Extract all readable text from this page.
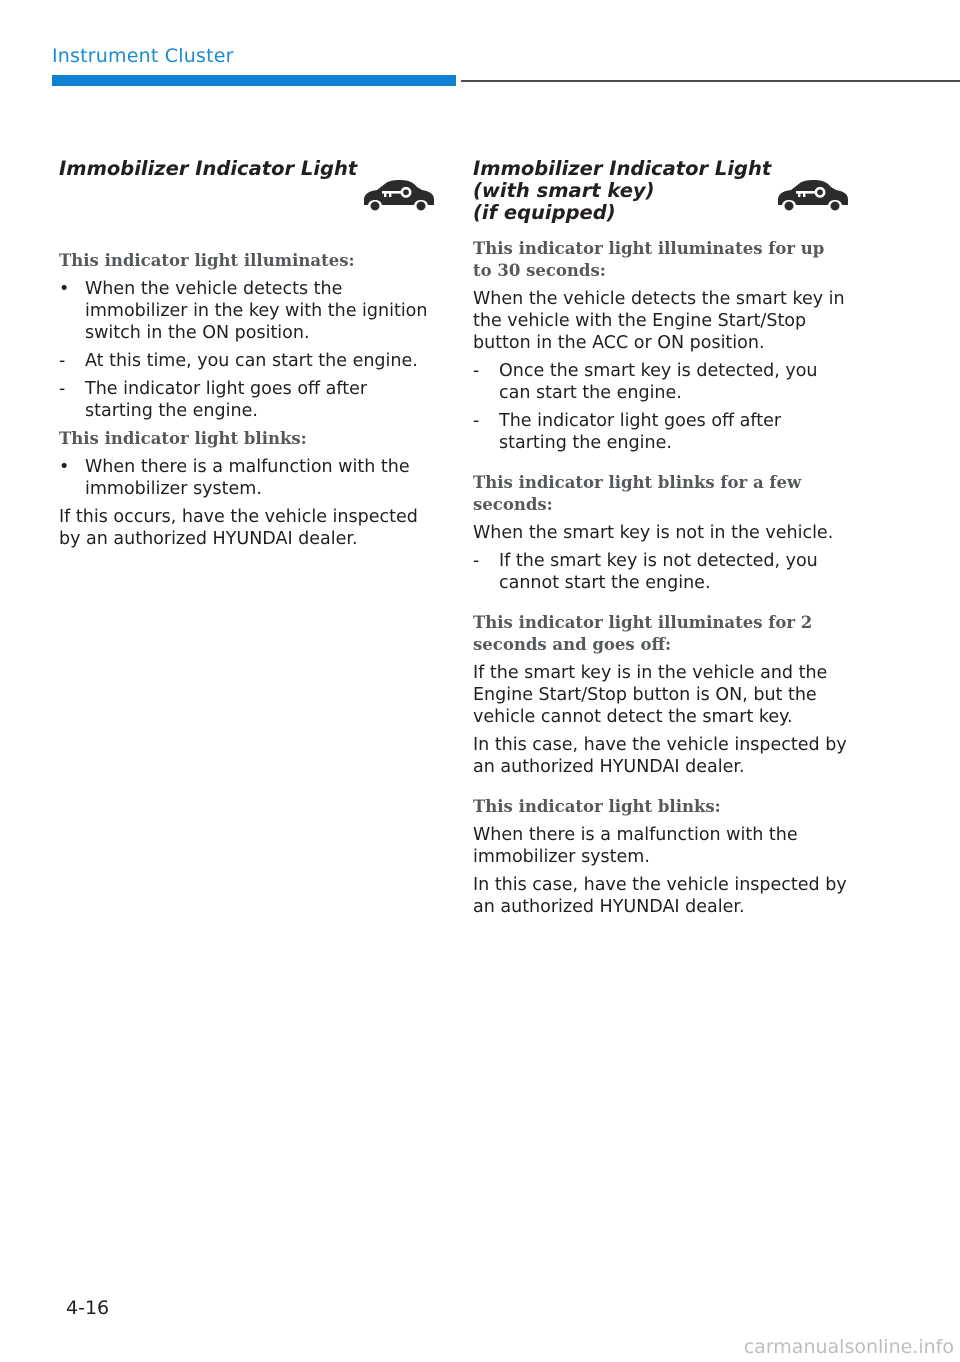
Instrument Cluster

Immobilizer Indicator Light

This indicator light illuminates:

• When the vehicle detects the immobilizer in the key with the ignition switch in the ON position.

-	At this time, you can start the engine.

-	The indicator light goes off after starting the engine.

This indicator light blinks:

• When there is a malfunction with the immobilizer system.

If this occurs, have the vehicle inspected by an authorized HYUNDAI dealer.

Immobilizer Indicator Light
(with smart key)
(if equipped)

This indicator light illuminates for up to 30 seconds:

When the vehicle detects the smart key in the vehicle with the Engine Start/Stop button in the ACC or ON position.

-	Once the smart key is detected, you can start the engine.

-	The indicator light goes off after starting the engine.

This indicator light blinks for a few seconds:

When the smart key is not in the vehicle.

-	If the smart key is not detected, you cannot start the engine.

This indicator light illuminates for 2 seconds and goes off:

If the smart key is in the vehicle and the Engine Start/Stop button is ON, but the vehicle cannot detect the smart key.

In this case, have the vehicle inspected by an authorized HYUNDAI dealer.

This indicator light blinks:

When there is a malfunction with the immobilizer system.

In this case, have the vehicle inspected by an authorized HYUNDAI dealer.

4-16
carmanualsonline.info
